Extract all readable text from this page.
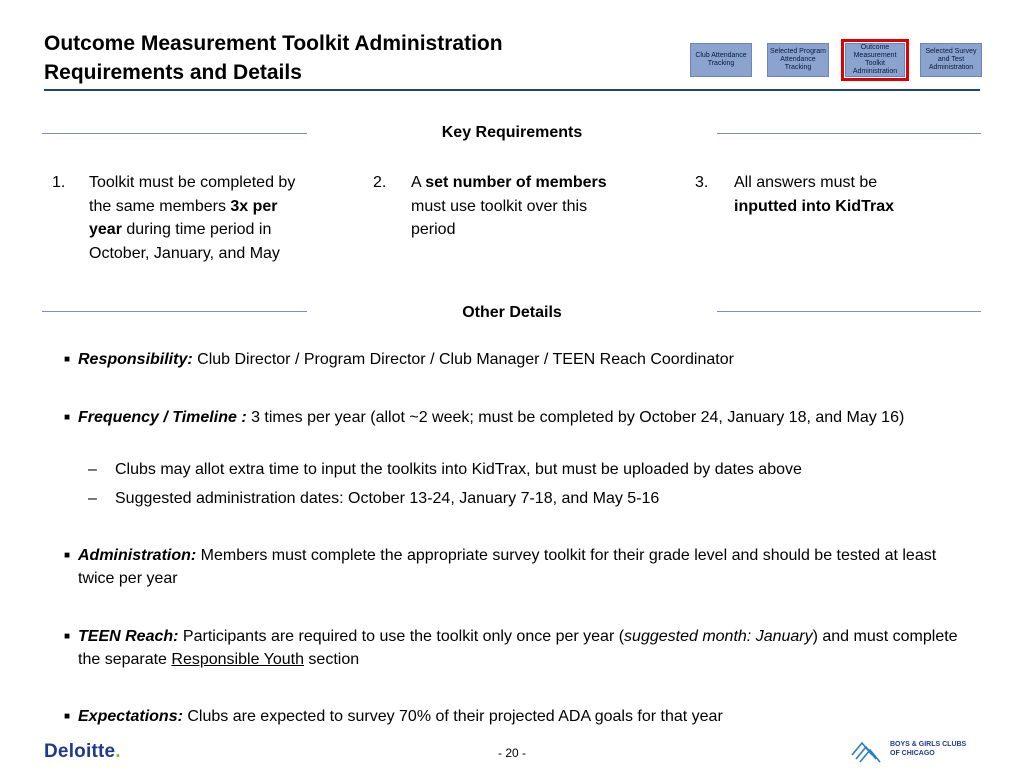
Outcome Measurement Toolkit Administration
Requirements and Details
Club Attendance Tracking
Selected Program Attendance Tracking
Outcome Measurement Toolkit Administration
Selected Survey and Test Administration
Key Requirements
1. Toolkit must be completed by
the same members 3x per
year during time period in
October, January, and May
2. A set number of members
must use toolkit over this
period
3. All answers must be
inputted into KidTrax
Other Details
■ Responsibility: Club Director / Program Director / Club Manager / TEEN Reach Coordinator
■ Frequency / Timeline : 3 times per year (allot ~2 week; must be completed by October 24, January 18, and May 16)
– Clubs may allot extra time to input the toolkits into KidTrax, but must be uploaded by dates above
– Suggested administration dates: October 13-24, January 7-18, and May 5-16
■ Administration: Members must complete the appropriate survey toolkit for their grade level and should be tested at least twice per year
■ TEEN Reach: Participants are required to use the toolkit only once per year (suggested month: January) and must complete the separate Responsible Youth section
■ Expectations: Clubs are expected to survey 70% of their projected ADA goals for that year
Deloitte.	- 20 -
BOYS & GIRLS CLUBS
OF CHICAGO
